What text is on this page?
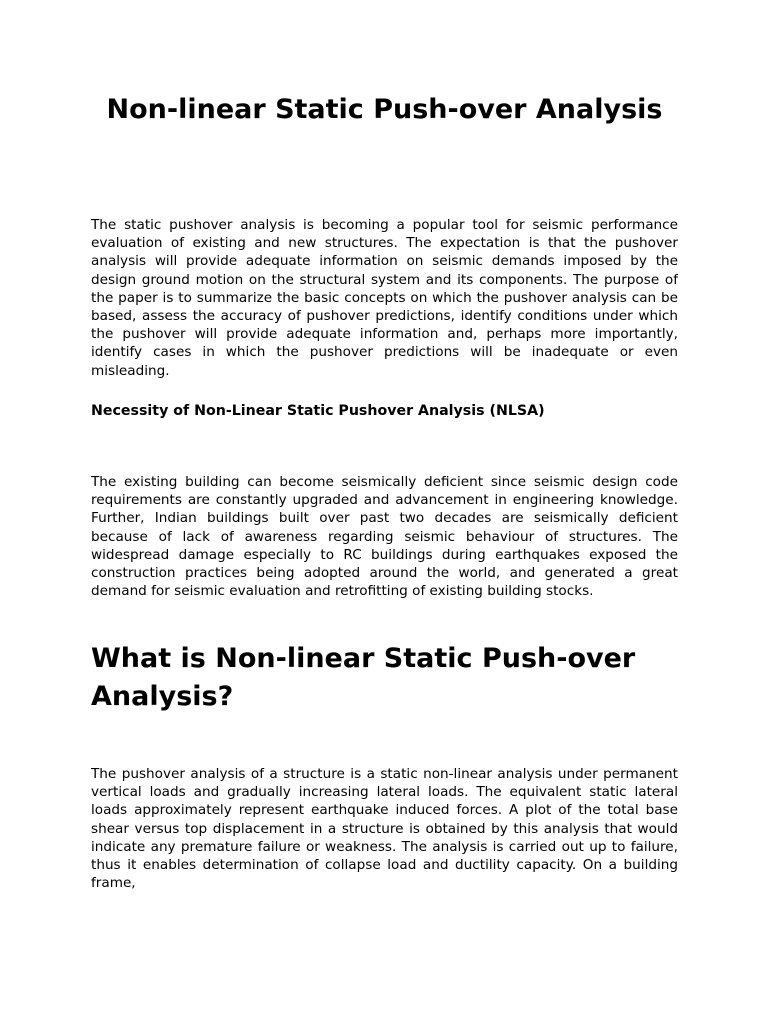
Non-linear Static Push-over Analysis

The static pushover analysis is becoming a popular tool for seismic performance evaluation of existing and new structures. The expectation is that the pushover analysis will provide adequate information on seismic demands imposed by the design ground motion on the structural system and its components. The purpose of the paper is to summarize the basic concepts on which the pushover analysis can be based, assess the accuracy of pushover predictions, identify conditions under which the pushover will provide adequate information and, perhaps more importantly, identify cases in which the pushover predictions will be inadequate or even misleading.

Necessity of Non-Linear Static Pushover Analysis (NLSA)

The existing building can become seismically deficient since seismic design code requirements are constantly upgraded and advancement in engineering knowledge. Further, Indian buildings built over past two decades are seismically deficient because of lack of awareness regarding seismic behaviour of structures. The widespread damage especially to RC buildings during earthquakes exposed the construction practices being adopted around the world, and generated a great demand for seismic evaluation and retrofitting of existing building stocks.

What is Non-linear Static Push-over Analysis?

The pushover analysis of a structure is a static non-linear analysis under permanent vertical loads and gradually increasing lateral loads. The equivalent static lateral loads approximately represent earthquake induced forces. A plot of the total base shear versus top displacement in a structure is obtained by this analysis that would indicate any premature failure or weakness. The analysis is carried out up to failure, thus it enables determination of collapse load and ductility capacity. On a building frame,
